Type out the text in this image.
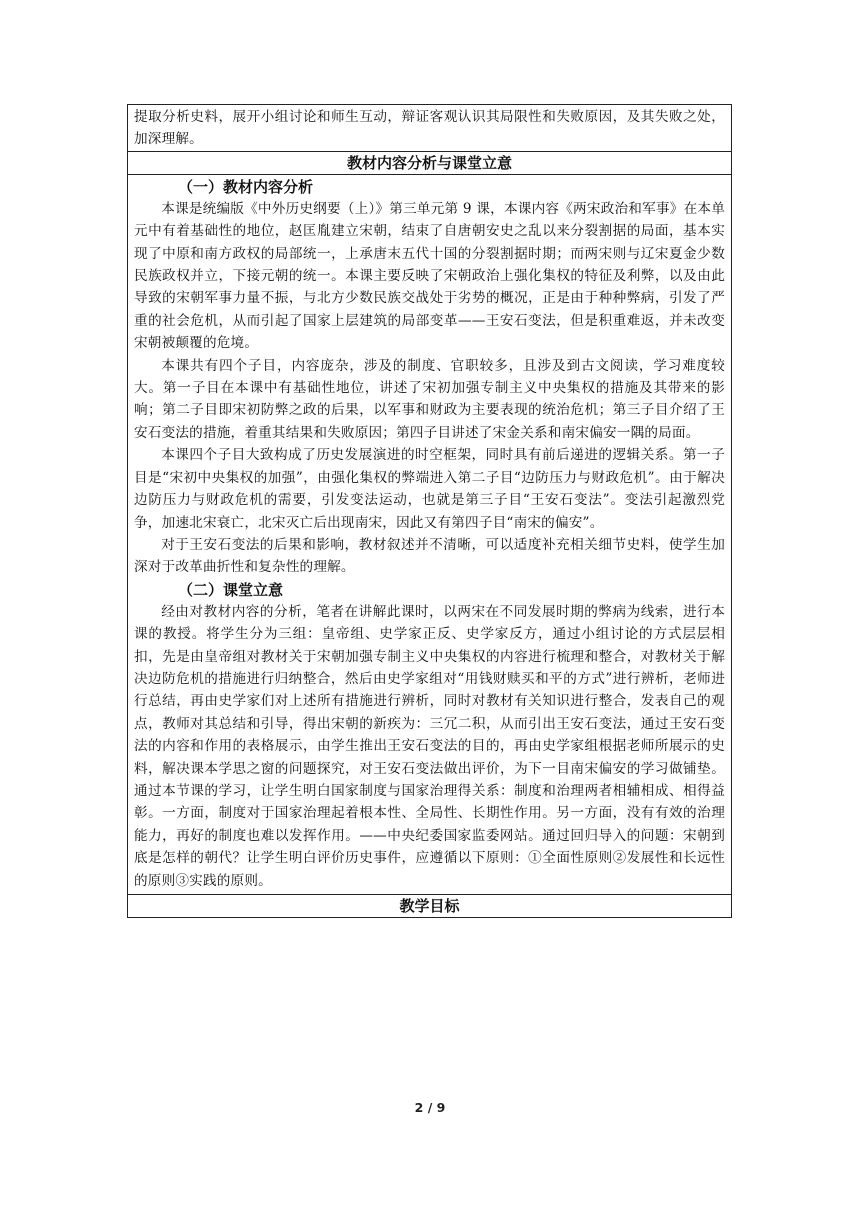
提取分析史料，展开小组讨论和师生互动，辩证客观认识其局限性和失败原因，及其失败之处，加深理解。

教材内容分析与课堂立意

（一）教材内容分析

本课是统编版《中外历史纲要（上）》第三单元第 9 课，本课内容《两宋政治和军事》在本单元中有着基础性的地位，赵匡胤建立宋朝，结束了自唐朝安史之乱以来分裂割据的局面，基本实现了中原和南方政权的局部统一，上承唐末五代十国的分裂割据时期；而两宋则与辽宋夏金少数民族政权并立，下接元朝的统一。本课主要反映了宋朝政治上强化集权的特征及利弊，以及由此导致的宋朝军事力量不振，与北方少数民族交战处于劣势的概况，正是由于种种弊病，引发了严重的社会危机，从而引起了国家上层建筑的局部变革——王安石变法，但是积重难返，并未改变宋朝被颠覆的危境。

本课共有四个子目，内容庞杂，涉及的制度、官职较多，且涉及到古文阅读，学习难度较大。第一子目在本课中有基础性地位，讲述了宋初加强专制主义中央集权的措施及其带来的影响；第二子目即宋初防弊之政的后果，以军事和财政为主要表现的统治危机；第三子目介绍了王安石变法的措施，着重其结果和失败原因；第四子目讲述了宋金关系和南宋偏安一隅的局面。

本课四个子目大致构成了历史发展演进的时空框架，同时具有前后递进的逻辑关系。第一子目是“宋初中央集权的加强”，由强化集权的弊端进入第二子目“边防压力与财政危机”。由于解决边防压力与财政危机的需要，引发变法运动，也就是第三子目“王安石变法”。变法引起激烈党争，加速北宋衰亡，北宋灭亡后出现南宋，因此又有第四子目“南宋的偏安”。

对于王安石变法的后果和影响，教材叙述并不清晰，可以适度补充相关细节史料，使学生加深对于改革曲折性和复杂性的理解。

（二）课堂立意

经由对教材内容的分析，笔者在讲解此课时，以两宋在不同发展时期的弊病为线索，进行本课的教授。将学生分为三组：皇帝组、史学家正反、史学家反方，通过小组讨论的方式层层相扣，先是由皇帝组对教材关于宋朝加强专制主义中央集权的内容进行梳理和整合，对教材关于解决边防危机的措施进行归纳整合，然后由史学家组对“用钱财赎买和平的方式”进行辨析，老师进行总结，再由史学家们对上述所有措施进行辨析，同时对教材有关知识进行整合，发表自己的观点，教师对其总结和引导，得出宋朝的新疾为：三冗二积，从而引出王安石变法，通过王安石变法的内容和作用的表格展示，由学生推出王安石变法的目的，再由史学家组根据老师所展示的史料，解决课本学思之窗的问题探究，对王安石变法做出评价，为下一目南宋偏安的学习做铺垫。通过本节课的学习，让学生明白国家制度与国家治理得关系：制度和治理两者相辅相成、相得益彰。一方面，制度对于国家治理起着根本性、全局性、长期性作用。另一方面，没有有效的治理能力，再好的制度也难以发挥作用。——中央纪委国家监委网站。通过回归导入的问题：宋朝到底是怎样的朝代？让学生明白评价历史事件，应遵循以下原则：①全面性原则②发展性和长远性的原则③实践的原则。

教学目标
2 / 9
